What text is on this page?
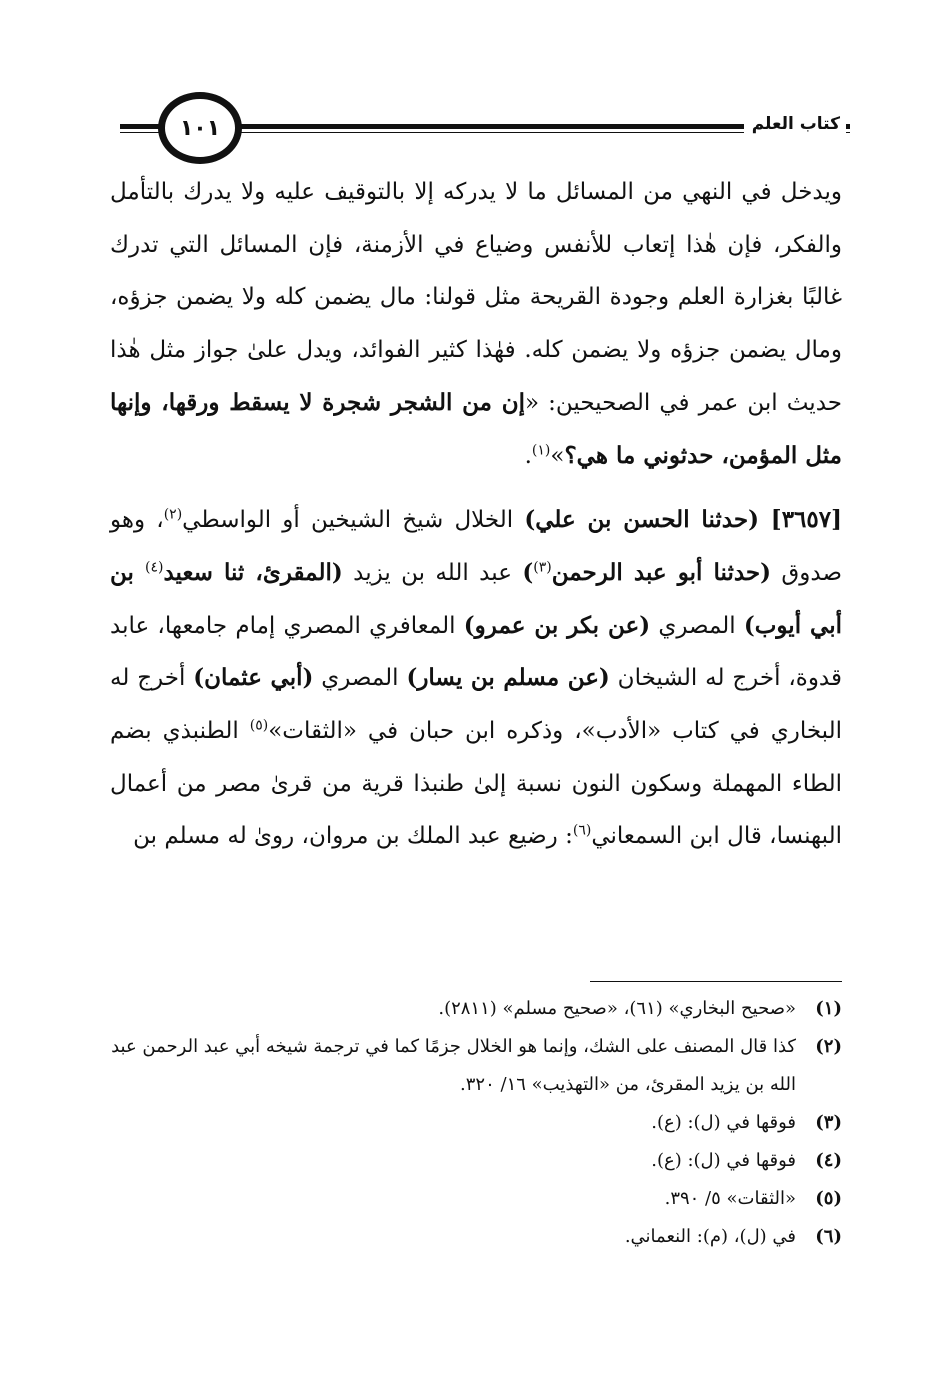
١٠١	كتاب العلم

ويدخل في النهي من المسائل ما لا يدركه إلا بالتوقيف عليه ولا يدرك بالتأمل والفكر، فإن هٰذا إتعاب للأنفس وضياع في الأزمنة، فإن المسائل التي تدرك غالبًا بغزارة العلم وجودة القريحة مثل قولنا: مال يضمن كله ولا يضمن جزؤه، ومال يضمن جزؤه ولا يضمن كله. فهٰذا كثير الفوائد، ويدل علىٰ جواز مثل هٰذا حديث ابن عمر في الصحيحين: «إن من الشجر شجرة لا يسقط ورقها، وإنها مثل المؤمن، حدثوني ما هي؟»$^{(١)}$.

[٣٦٥٧] (حدثنا الحسن بن علي) الخلال شيخ الشيخين أو الواسطي$^{(٢)}$، وهو صدوق (حدثنا أبو عبد الرحمن$^{(٣)}$) عبد الله بن يزيد (المقرئ، ثنا سعيد$^{(٤)}$ بن أبي أيوب) المصري (عن بكر بن عمرو) المعافري المصري إمام جامعها، عابد قدوة، أخرج له الشيخان (عن مسلم بن يسار) المصري (أبي عثمان) أخرج له البخاري في كتاب «الأدب»، وذكره ابن حبان في «الثقات»$^{(٥)}$ الطنبذي بضم الطاء المهملة وسكون النون نسبة إلىٰ طنبذا قرية من قرىٰ مصر من أعمال البهنسا، قال ابن السمعاني$^{(٦)}$: رضيع عبد الملك بن مروان، روىٰ له مسلم بن

(١)
«صحيح البخاري» (٦١)، «صحيح مسلم» (٢٨١١).
(٢)
كذا قال المصنف على الشك، وإنما هو الخلال جزمًا كما في ترجمة شيخه أبي عبد الرحمن عبد الله بن يزيد المقرئ، من «التهذيب» ١٦/ ٣٢٠.
(٣)
فوقها في (ل): (ع).
(٤)
فوقها في (ل): (ع).
(٥)
«الثقات» ٥/ ٣٩٠.
(٦)
في (ل)، (م): النعماني.
